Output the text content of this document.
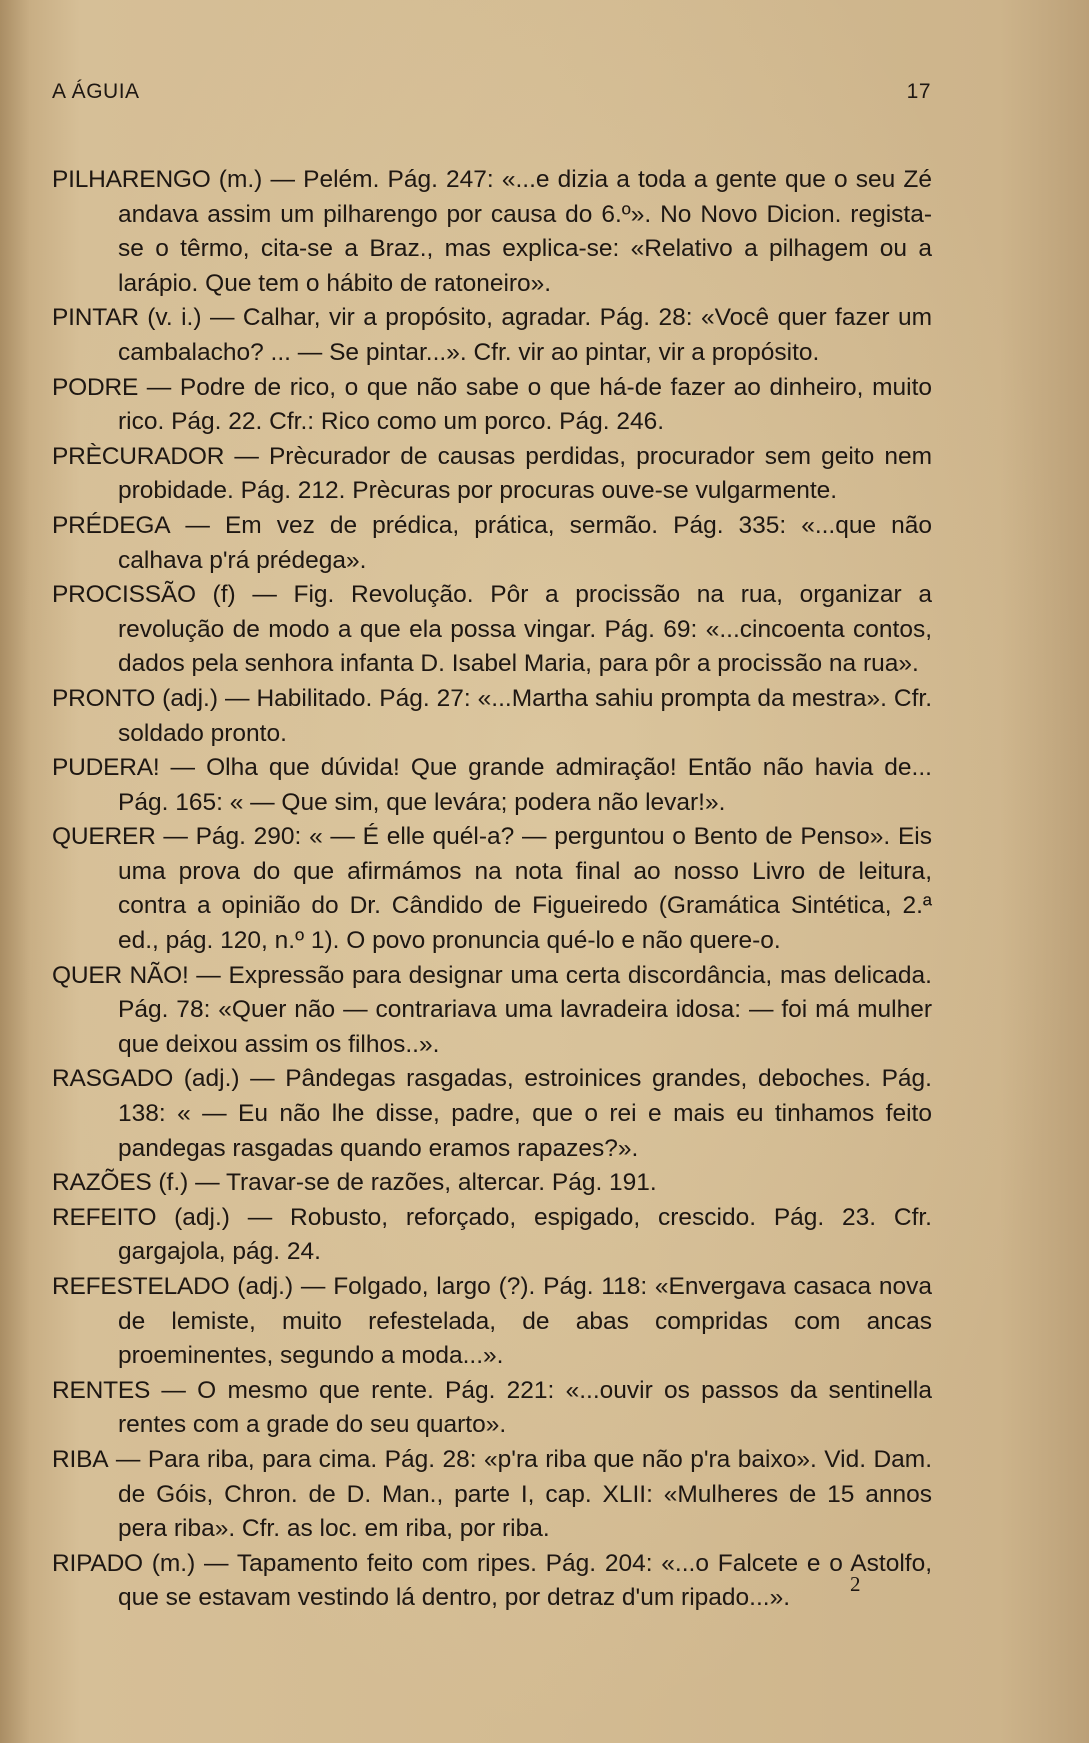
A ÁGUIA	17

PILHARENGO (m.) — Pelém. Pág. 247: «...e dizia a toda a gente que o seu Zé andava assim um pilharengo por causa do 6.º». No Novo Dicion. regista-se o têrmo, cita-se a Braz., mas explica-se: «Relativo a pilhagem ou a larápio. Que tem o hábito de ratoneiro».

PINTAR (v. i.) — Calhar, vir a propósito, agradar. Pág. 28: «Você quer fazer um cambalacho? ... — Se pintar...». Cfr. vir ao pintar, vir a propósito.

PODRE — Podre de rico, o que não sabe o que há-de fazer ao dinheiro, muito rico. Pág. 22. Cfr.: Rico como um porco. Pág. 246.

PRÈCURADOR — Prècurador de causas perdidas, procurador sem geito nem probidade. Pág. 212. Prècuras por procuras ouve-se vulgarmente.

PRÉDEGA — Em vez de prédica, prática, sermão. Pág. 335: «...que não calhava p'rá prédega».

PROCISSÃO (f) — Fig. Revolução. Pôr a procissão na rua, organizar a revolução de modo a que ela possa vingar. Pág. 69: «...cincoenta contos, dados pela senhora infanta D. Isabel Maria, para pôr a procissão na rua».

PRONTO (adj.) — Habilitado. Pág. 27: «...Martha sahiu prompta da mestra». Cfr. soldado pronto.

PUDERA! — Olha que dúvida! Que grande admiração! Então não havia de... Pág. 165: « — Que sim, que levára; podera não levar!».

QUERER — Pág. 290: « — É elle quél-a? — perguntou o Bento de Penso». Eis uma prova do que afirmámos na nota final ao nosso Livro de leitura, contra a opinião do Dr. Cândido de Figueiredo (Gramática Sintética, 2.ª ed., pág. 120, n.º 1). O povo pronuncia qué-lo e não quere-o.

QUER NÃO! — Expressão para designar uma certa discordância, mas delicada. Pág. 78: «Quer não — contrariava uma lavradeira idosa: — foi má mulher que deixou assim os filhos..».

RASGADO (adj.) — Pândegas rasgadas, estroinices grandes, deboches. Pág. 138: « — Eu não lhe disse, padre, que o rei e mais eu tinhamos feito pandegas rasgadas quando eramos rapazes?».

RAZÕES (f.) — Travar-se de razões, altercar. Pág. 191.

REFEITO (adj.) — Robusto, reforçado, espigado, crescido. Pág. 23. Cfr. gargajola, pág. 24.

REFESTELADO (adj.) — Folgado, largo (?). Pág. 118: «Envergava casaca nova de lemiste, muito refestelada, de abas compridas com ancas proeminentes, segundo a moda...».

RENTES — O mesmo que rente. Pág. 221: «...ouvir os passos da sentinella rentes com a grade do seu quarto».

RIBA — Para riba, para cima. Pág. 28: «p'ra riba que não p'ra baixo». Vid. Dam. de Góis, Chron. de D. Man., parte I, cap. XLII: «Mulheres de 15 annos pera riba». Cfr. as loc. em riba, por riba.

RIPADO (m.) — Tapamento feito com ripes. Pág. 204: «...o Falcete e o Astolfo, que se estavam vestindo lá dentro, por detraz d'um ripado...».

2
